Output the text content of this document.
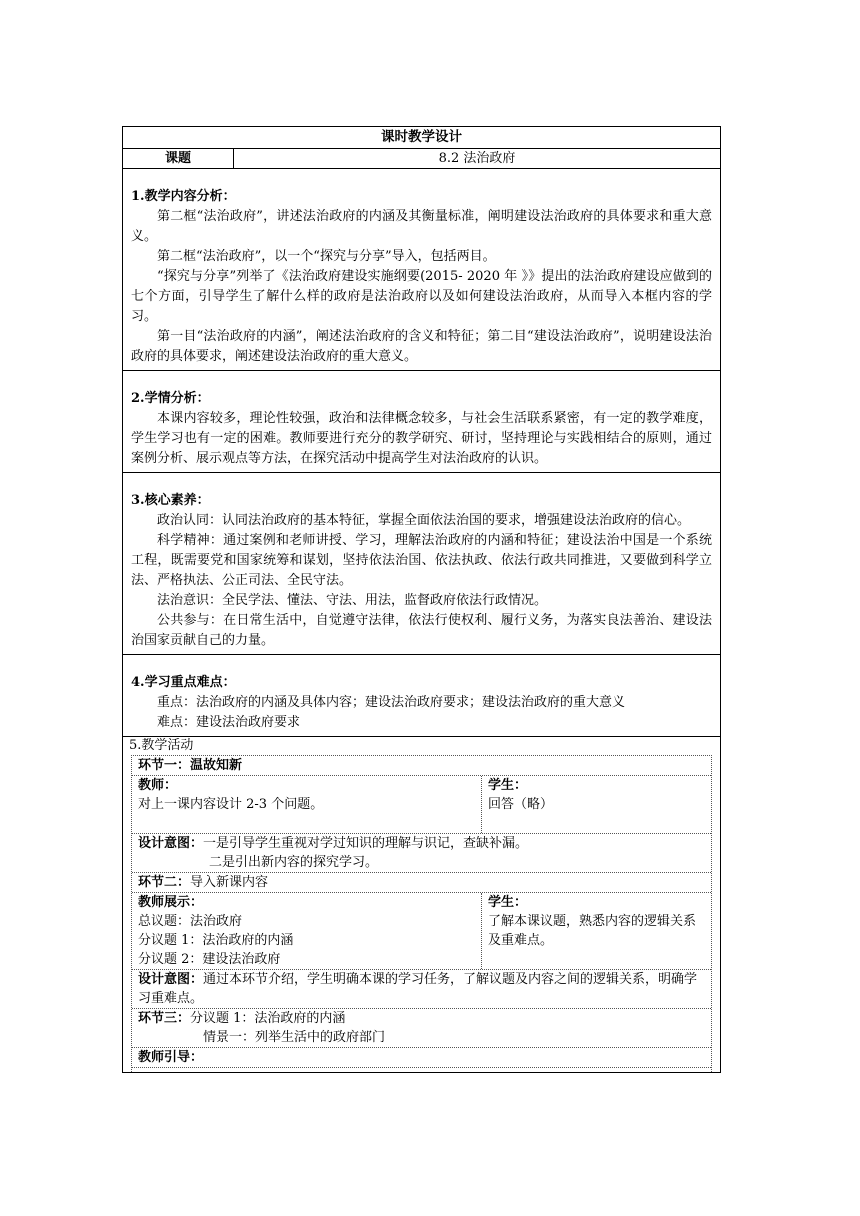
课时教学设计
课题	8.2 法治政府
1.教学内容分析：

第二框“法治政府”，讲述法治政府的内涵及其衡量标准，阐明建设法治政府的具体要求和重大意义。

第二框“法治政府”，以一个“探究与分享”导入，包括两目。

“探究与分享”列举了《法治政府建设实施纲要(2015- 2020 年 》》提出的法治政府建设应做到的七个方面，引导学生了解什么样的政府是法治政府以及如何建设法治政府，从而导入本框内容的学习。

第一目“法治政府的内涵”，阐述法治政府的含义和特征；第二目“建设法治政府”，说明建设法治政府的具体要求，阐述建设法治政府的重大意义。

2.学情分析：

本课内容较多，理论性较强，政治和法律概念较多，与社会生活联系紧密，有一定的教学难度，学生学习也有一定的困难。教师要进行充分的教学研究、研讨，坚持理论与实践相结合的原则，通过案例分析、展示观点等方法，在探究活动中提高学生对法治政府的认识。

3.核心素养：

政治认同：认同法治政府的基本特征，掌握全面依法治国的要求，增强建设法治政府的信心。

科学精神：通过案例和老师讲授、学习，理解法治政府的内涵和特征；建设法治中国是一个系统工程，既需要党和国家统筹和谋划，坚持依法治国、依法执政、依法行政共同推进，又要做到科学立法、严格执法、公正司法、全民守法。

法治意识：全民学法、懂法、守法、用法，监督政府依法行政情况。

公共参与：在日常生活中，自觉遵守法律，依法行使权利、履行义务，为落实良法善治、建设法治国家贡献自己的力量。

4.学习重点难点：

重点：法治政府的内涵及具体内容；建设法治政府要求；建设法治政府的重大意义

难点：建设法治政府要求

5.教学活动
环节一：温故知新
教师：
对上一课内容设计 2-3 个问题。
学生：
回答（略）
设计意图：一是引导学生重视对学过知识的理解与识记，查缺补漏。
二是引出新内容的探究学习。
环节二：导入新课内容
教师展示：
总议题：法治政府
分议题 1：法治政府的内涵
分议题 2：建设法治政府
学生：
了解本课议题，熟悉内容的逻辑关系及重难点。
设计意图：通过本环节介绍，学生明确本课的学习任务，了解议题及内容之间的逻辑关系，明确学习重难点。
环节三：分议题 1：法治政府的内涵
情景一：列举生活中的政府部门
教师引导：
